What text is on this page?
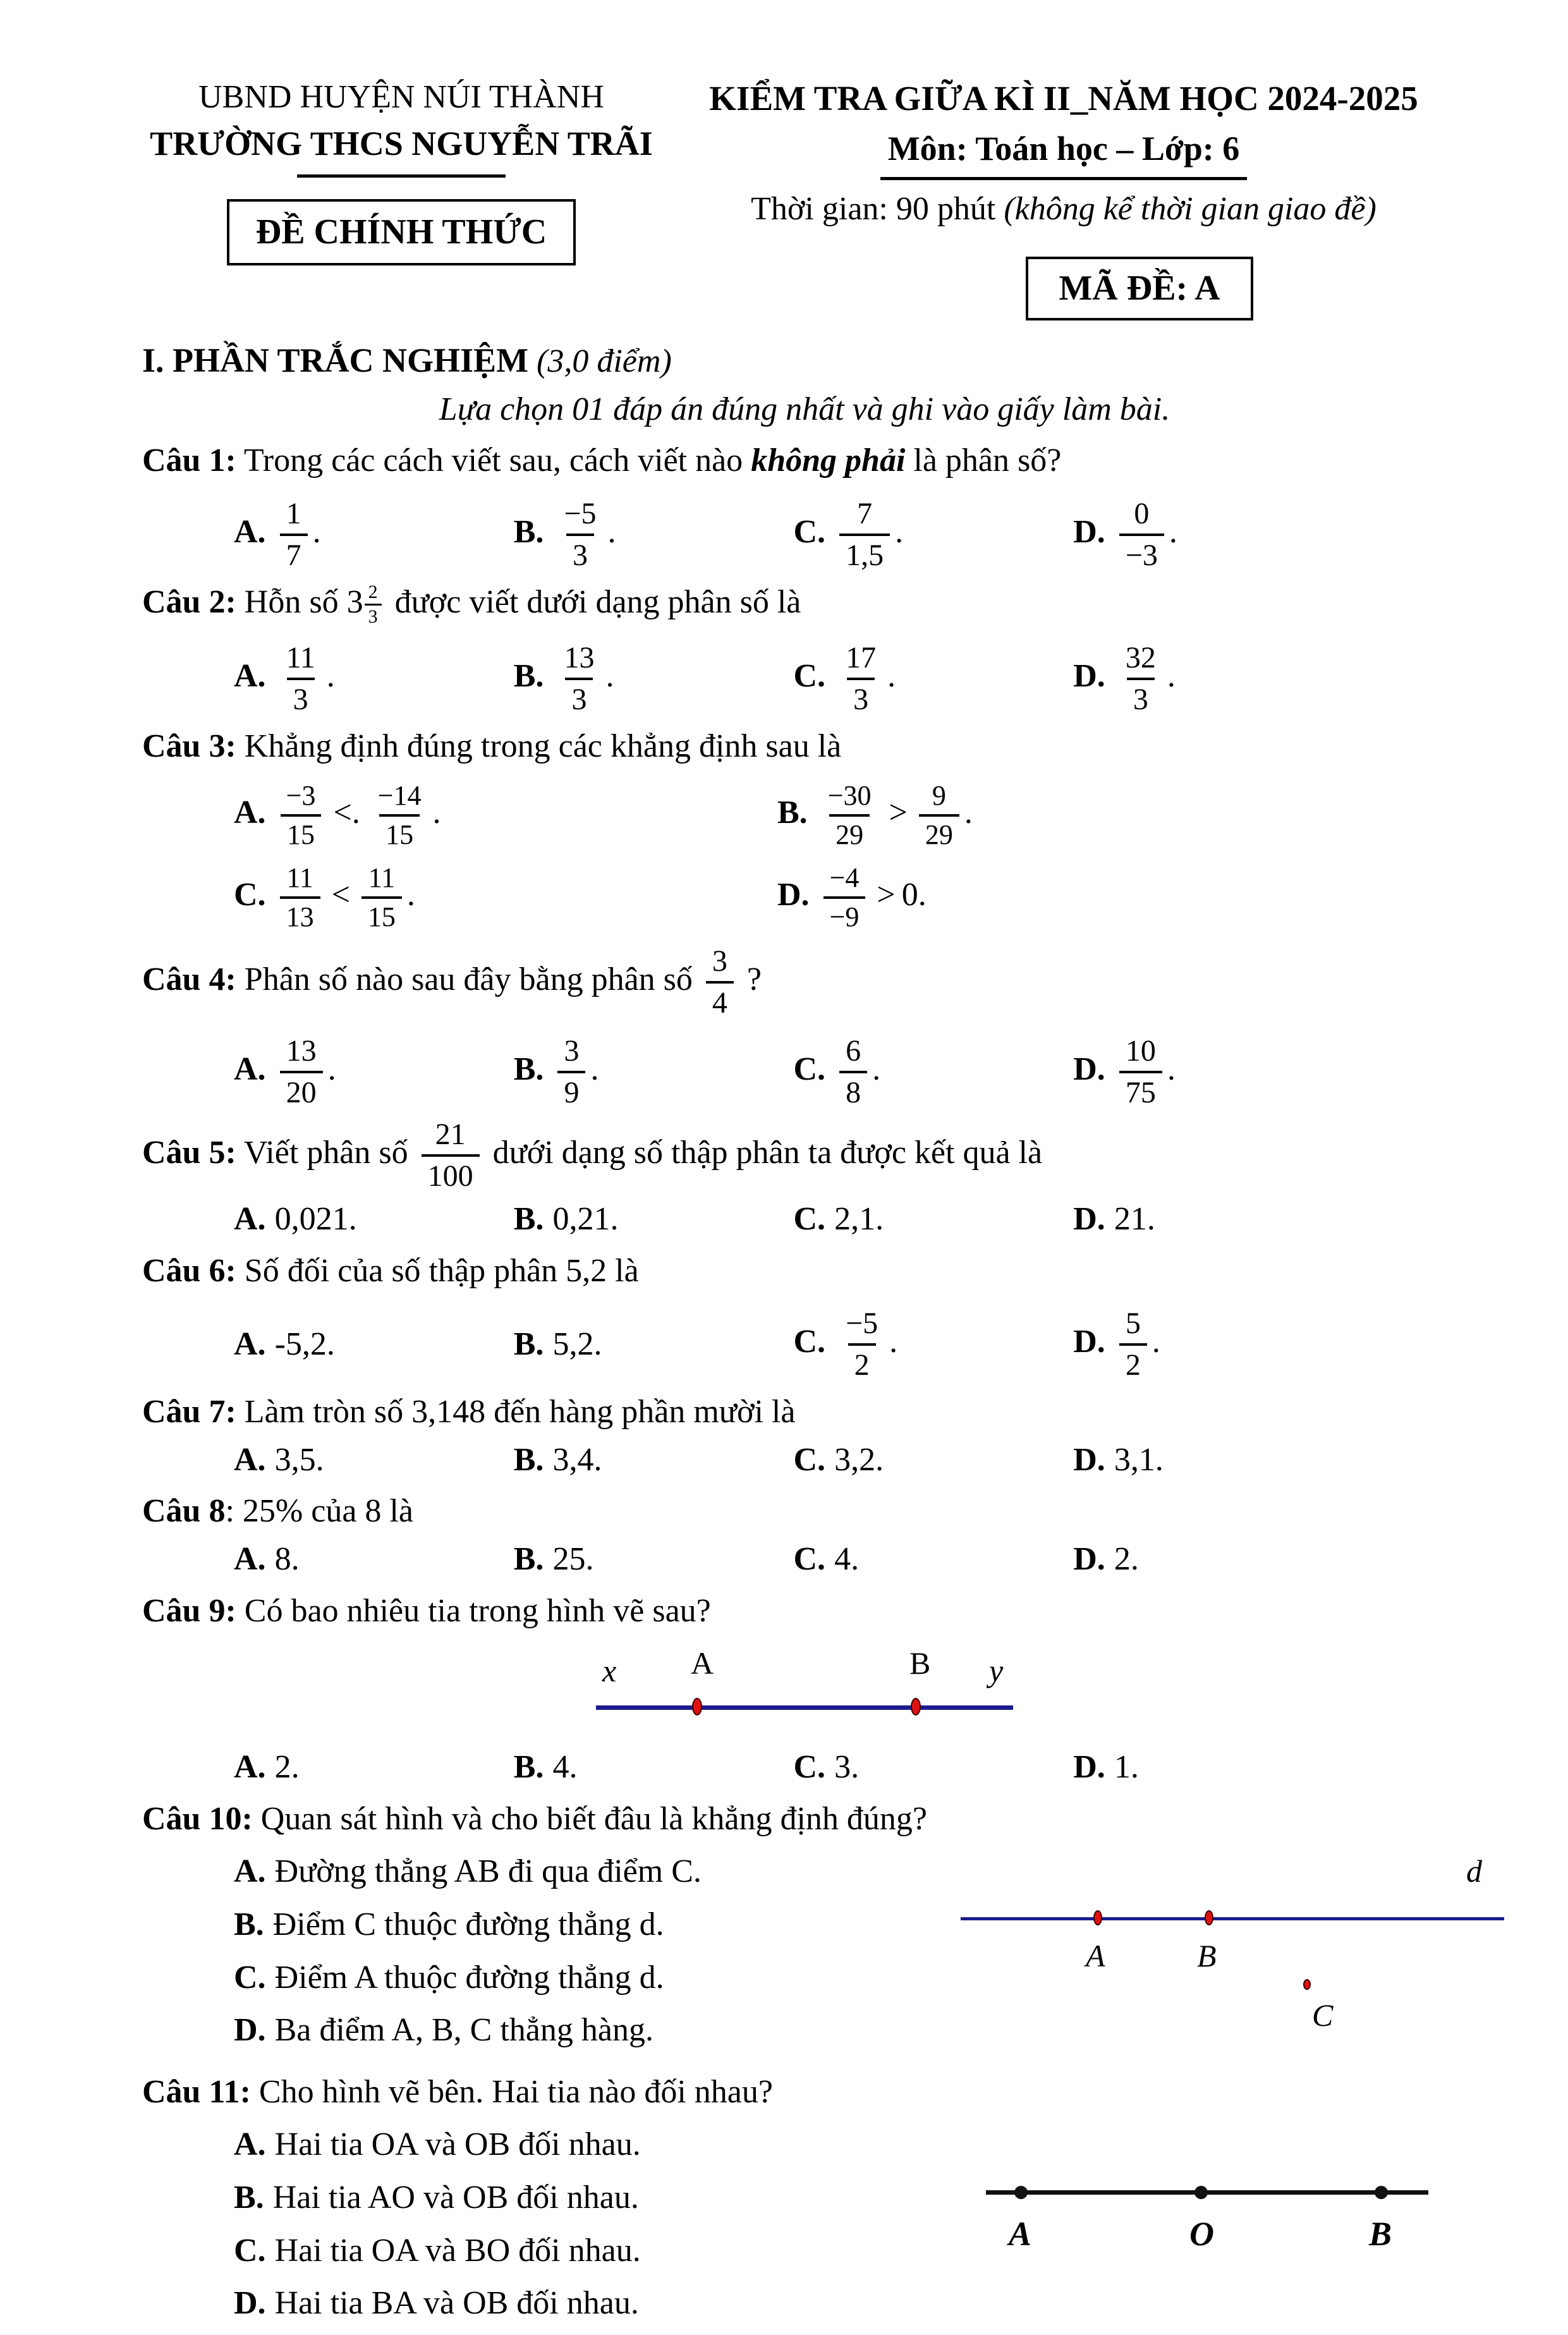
UBND HUYỆN NÚI THÀNH
TRƯỜNG THCS NGUYỄN TRÃI
ĐỀ CHÍNH THỨC
KIỂM TRA GIỮA KÌ II_NĂM HỌC 2024-2025
Môn: Toán học – Lớp: 6
Thời gian: 90 phút (không kể thời gian giao đề)
MÃ ĐỀ: A
I. PHẦN TRẮC NGHIỆM (3,0 điểm)
Lựa chọn 01 đáp án đúng nhất và ghi vào giấy làm bài.
Câu 1: Trong các cách viết sau, cách viết nào không phải là phân số?
A. $\frac{1}{7}$ .	B. $\frac{-5}{3}$ .	C. $\frac{7}{1,5}$ .	D. $\frac{0}{-3}$ .
Câu 2: Hỗn số $3 \frac{2}{3}$ được viết dưới dạng phân số là
A. $\frac{11}{3}$ .	B. $\frac{13}{3}$ .	C. $\frac{17}{3}$ .	D. $\frac{32}{3}$ .
Câu 3: Khẳng định đúng trong các khẳng định sau là
A. $\frac{-3}{15}$ <. $\frac{-14}{15}$ .	B. $\frac{-30}{29} > \frac{9}{29}$ .
C. $\frac{11}{13} < \frac{11}{15}$ .	D. $\frac{-4}{-9} > 0$.
Câu 4: Phân số nào sau đây bằng phân số $\frac{3}{4}$ ?
A. $\frac{13}{20}$ .	B. $\frac{3}{9}$ .	C. $\frac{6}{8}$ .	D. $\frac{10}{75}$ .
Câu 5: Viết phân số $\frac{21}{100}$ dưới dạng số thập phân ta được kết quả là
A. 0,021.	B. 0,21.	C. 2,1.	D. 21.
Câu 6: Số đối của số thập phân 5,2 là
A. -5,2.	B. 5,2.	C. $\frac{-5}{2}$ .	D. $\frac{5}{2}$ .
Câu 7: Làm tròn số 3,148 đến hàng phần mười là
A. 3,5.	B. 3,4.	C. 3,2.	D. 3,1.
Câu 8: 25% của 8 là
A. 8.	B. 25.	C. 4.	D. 2.
Câu 9: Có bao nhiêu tia trong hình vẽ sau?
x A	B y
A. 2.	B. 4.	C. 3.	D. 1.
Câu 10: Quan sát hình và cho biết đâu là khẳng định đúng?
A. Đường thẳng AB đi qua điểm C.
B. Điểm C thuộc đường thẳng d.
C. Điểm A thuộc đường thẳng d.
D. Ba điểm A, B, C thẳng hàng.
d
A	B
C
Câu 11: Cho hình vẽ bên. Hai tia nào đối nhau?
A. Hai tia OA và OB đối nhau.
B. Hai tia AO và OB đối nhau.
C. Hai tia OA và BO đối nhau.
D. Hai tia BA và OB đối nhau.
A	O	B
